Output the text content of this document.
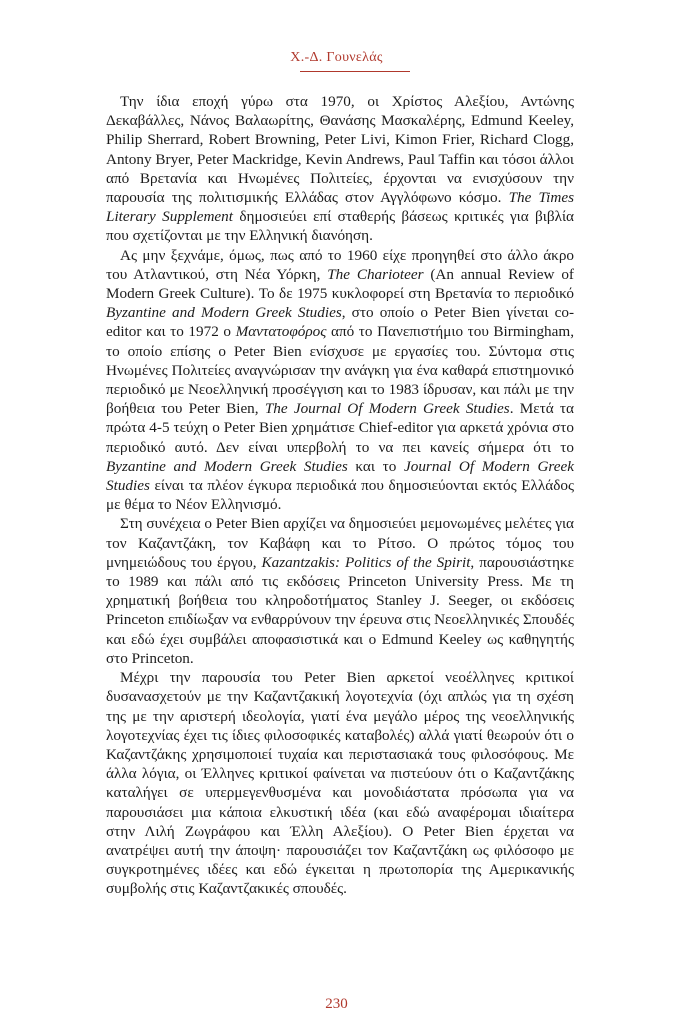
Χ.-Δ. Γουνελάς

Την ίδια εποχή γύρω στα 1970, οι Χρίστος Αλεξίου, Αντώνης Δεκαβάλλες, Νάνος Βαλαωρίτης, Θανάσης Μασκαλέρης, Edmund Keeley, Philip Sherrard, Robert Browning, Peter Livi, Kimon Frier, Richard Clogg, Antony Bryer, Peter Mackridge, Kevin Andrews, Paul Taffin και τόσοι άλλοι από Βρετανία και Ηνωμένες Πολιτείες, έρχονται να ενισχύσουν την παρουσία της πολιτισμικής Ελλάδας στον Αγγλόφωνο κόσμο. The Times Literary Supplement δημοσιεύει επί σταθερής βάσεως κριτικές για βιβλία που σχετίζονται με την Ελληνική διανόηση.

Ας μην ξεχνάμε, όμως, πως από το 1960 είχε προηγηθεί στο άλλο άκρο του Ατλαντικού, στη Νέα Υόρκη, The Charioteer (An annual Review of Modern Greek Culture). Το δε 1975 κυκλοφορεί στη Βρετανία το περιοδικό Byzantine and Modern Greek Studies, στο οποίο ο Peter Bien γίνεται co-editor και το 1972 ο Μαντατοφόρος από το Πανεπιστήμιο του Birmingham, το οποίο επίσης ο Peter Bien ενίσχυσε με εργασίες του. Σύντομα στις Ηνωμένες Πολιτείες αναγνώρισαν την ανάγκη για ένα καθαρά επιστημονικό περιοδικό με Νεοελληνική προσέγγιση και το 1983 ίδρυσαν, και πάλι με την βοήθεια του Peter Bien, The Journal Of Modern Greek Studies. Μετά τα πρώτα 4-5 τεύχη ο Peter Bien χρημάτισε Chief-editor για αρκετά χρόνια στο περιοδικό αυτό. Δεν είναι υπερβολή το να πει κανείς σήμερα ότι το Byzantine and Modern Greek Studies και το Journal Of Modern Greek Studies είναι τα πλέον έγκυρα περιοδικά που δημοσιεύονται εκτός Ελλάδος με θέμα το Νέον Ελληνισμό.

Στη συνέχεια ο Peter Bien αρχίζει να δημοσιεύει μεμονωμένες μελέτες για τον Καζαντζάκη, τον Καβάφη και το Ρίτσο. Ο πρώτος τόμος του μνημειώδους του έργου, Kazantzakis: Politics of the Spirit, παρουσιάστηκε το 1989 και πάλι από τις εκδόσεις Princeton University Press. Με τη χρηματική βοήθεια του κληροδοτήματος Stanley J. Seeger, οι εκδόσεις Princeton επιδίωξαν να ενθαρρύνουν την έρευνα στις Νεοελληνικές Σπουδές και εδώ έχει συμβάλει αποφασιστικά και ο Edmund Keeley ως καθηγητής στο Princeton.

Μέχρι την παρουσία του Peter Bien αρκετοί νεοέλληνες κριτικοί δυσανασχετούν με την Καζαντζακική λογοτεχνία (όχι απλώς για τη σχέση της με την αριστερή ιδεολογία, γιατί ένα μεγάλο μέρος της νεοελληνικής λογοτεχνίας έχει τις ίδιες φιλοσοφικές καταβολές) αλλά γιατί θεωρούν ότι ο Καζαντζάκης χρησιμοποιεί τυχαία και περιστασιακά τους φιλοσόφους. Με άλλα λόγια, οι Έλληνες κριτικοί φαίνεται να πιστεύουν ότι ο Καζαντζάκης καταλήγει σε υπερμεγενθυσμένα και μονοδιάστατα πρόσωπα για να παρουσιάσει μια κάποια ελκυστική ιδέα (και εδώ αναφέρομαι ιδιαίτερα στην Λιλή Ζωγράφου και Έλλη Αλεξίου). Ο Peter Bien έρχεται να ανατρέψει αυτή την άποψη· παρουσιάζει τον Καζαντζάκη ως φιλόσοφο με συγκροτημένες ιδέες και εδώ έγκειται η πρωτοπορία της Αμερικανικής συμβολής στις Καζαντζακικές σπουδές.

230
